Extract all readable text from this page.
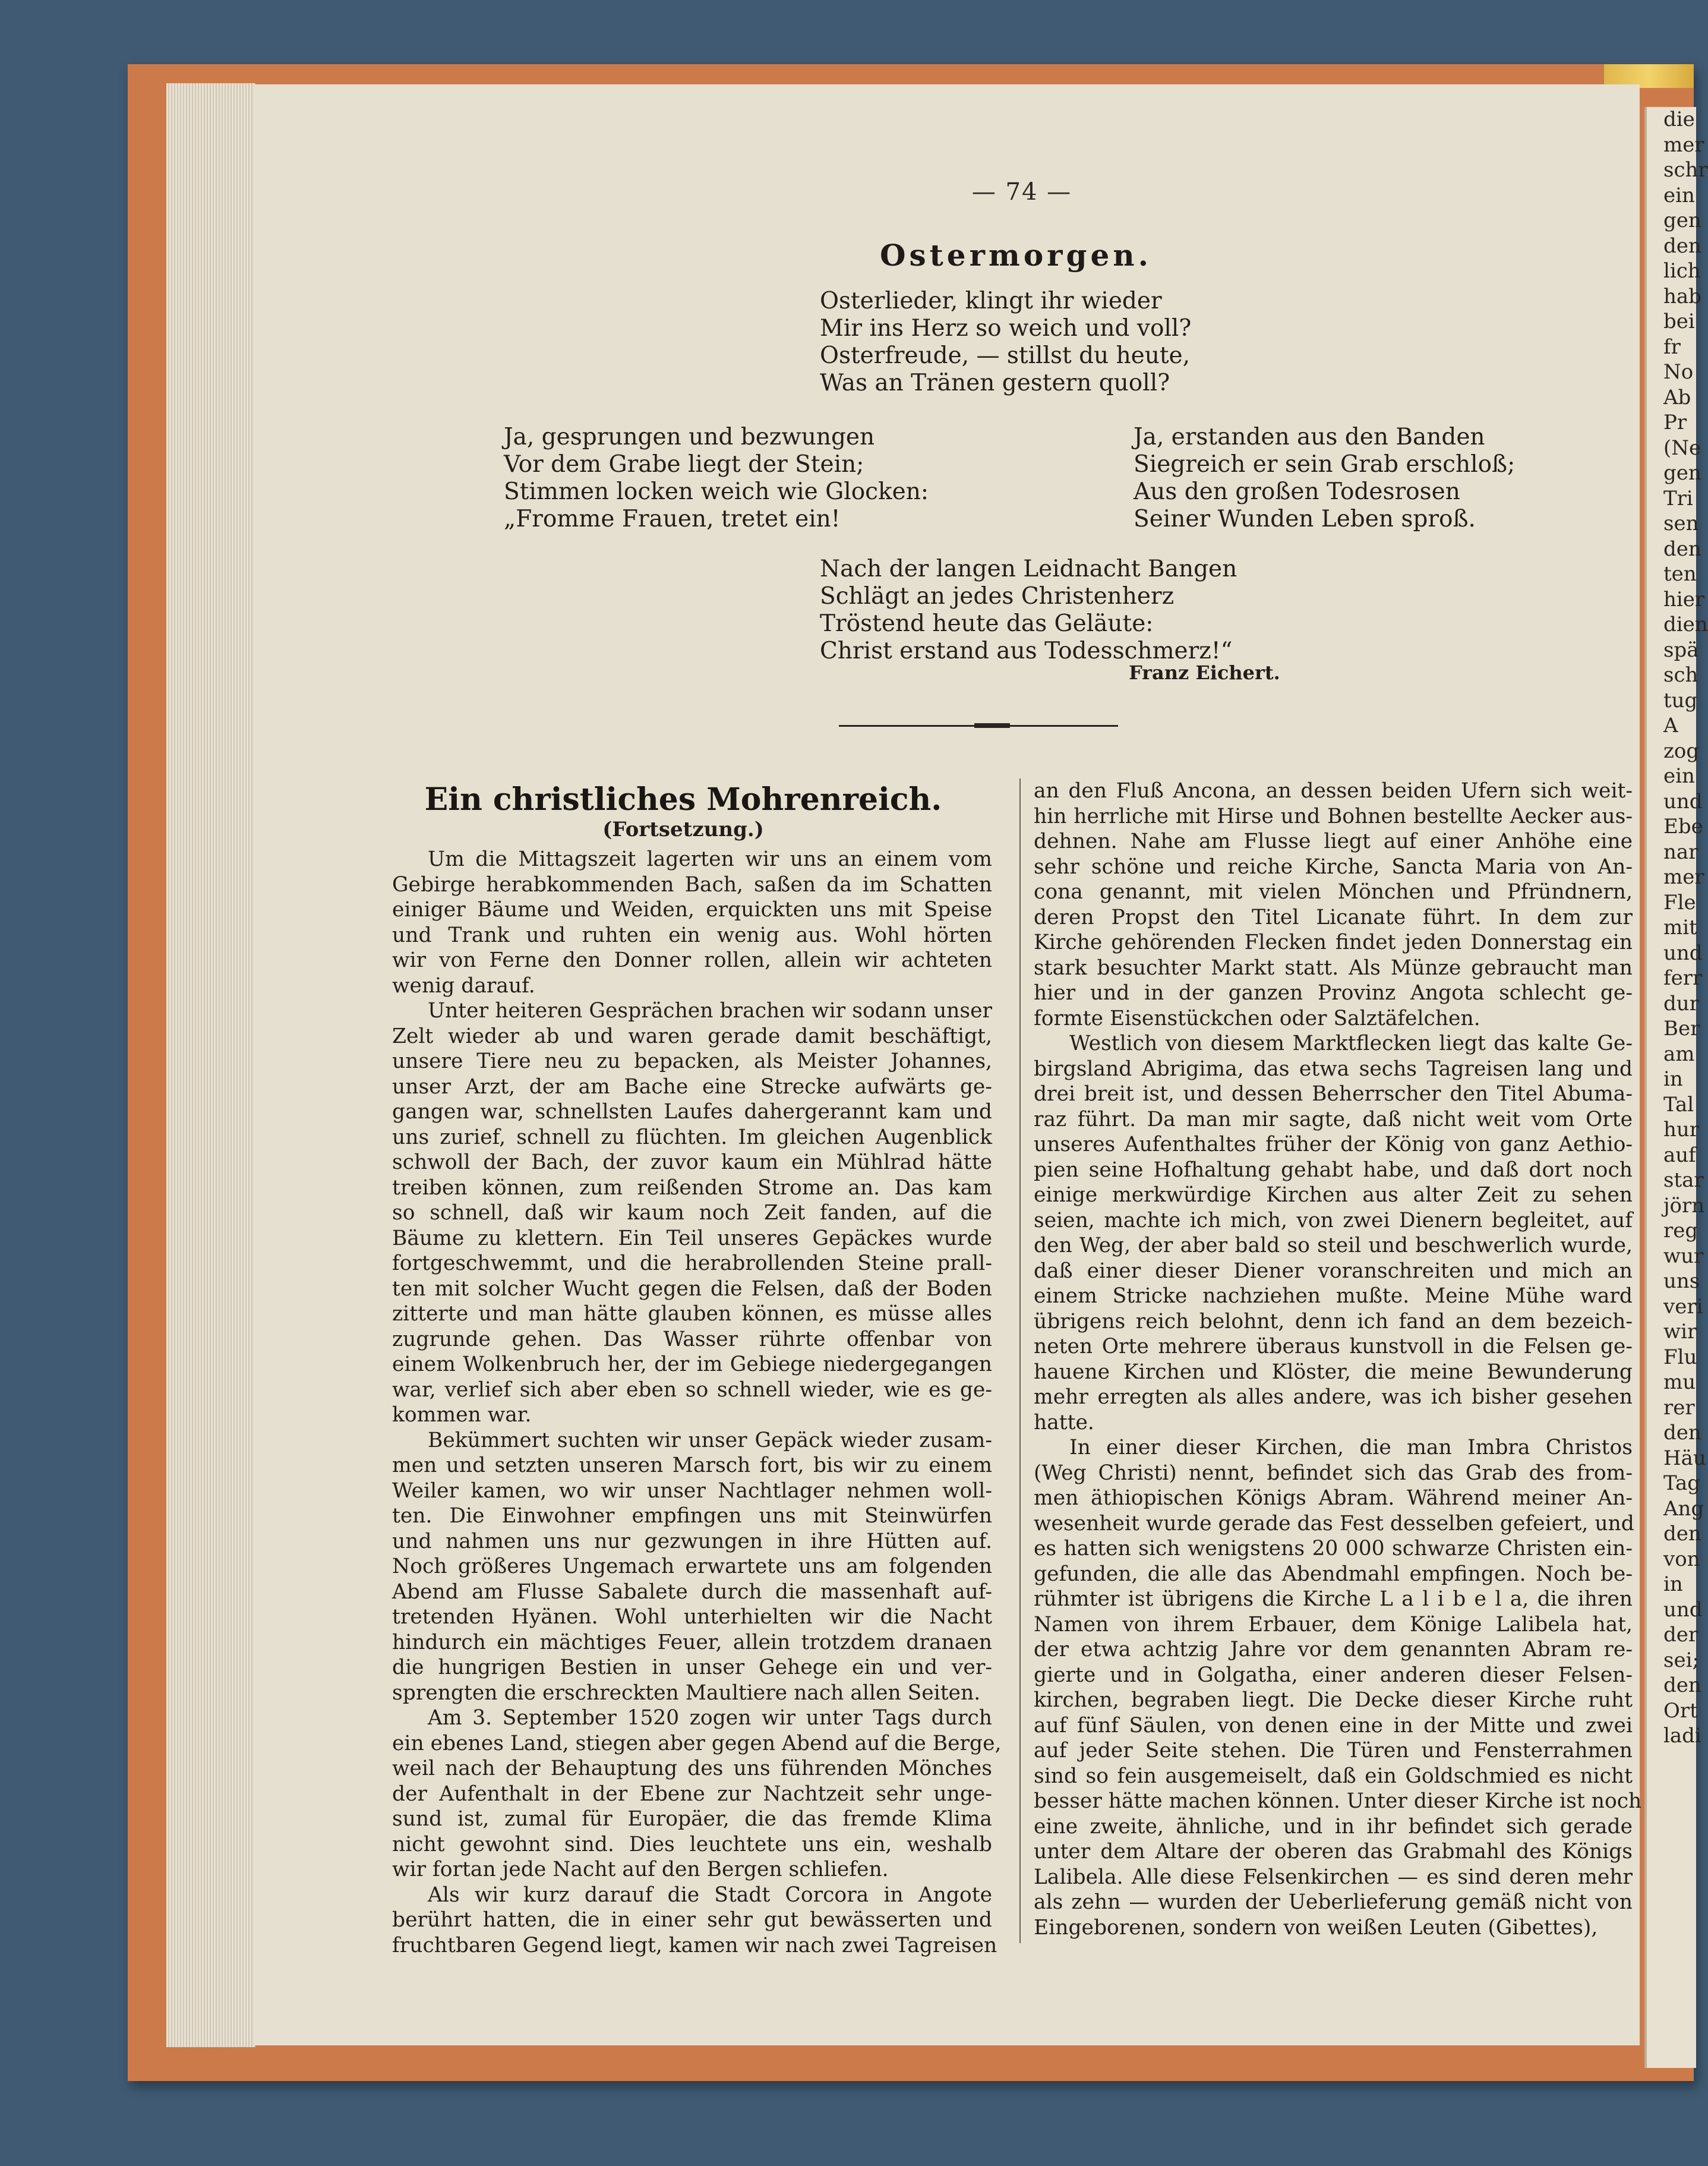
die
mer
schr
ein
gen
den
lich
hab
bei
fr
No
Ab
Pr
(Ne
gen
Tri
sen
den
ten
hier
dien
spä
sch
tug
A
zog
ein
und
Ebe
nar
mer
Fle
mit
und
ferr
dur
Ber
am
in
Tal
hur
auf
star
jörn
reg
wur
uns
veri
wir
Flu
mu
rer
den
Häu
Tag
Ang
den
von
in
und
der
sei;
den
Ort
ladi
— 74 —
Ostermorgen.
Osterlieder, klingt ihr wieder
Mir ins Herz so weich und voll?
Osterfreude, — stillst du heute,
Was an Tränen gestern quoll?
Ja, gesprungen und bezwungen
Vor dem Grabe liegt der Stein;
Stimmen locken weich wie Glocken:
„Fromme Frauen, tretet ein!
Ja, erstanden aus den Banden
Siegreich er sein Grab erschloß;
Aus den großen Todesrosen
Seiner Wunden Leben sproß.
Nach der langen Leidnacht Bangen
Schlägt an jedes Christenherz
Tröstend heute das Geläute:
Christ erstand aus Todesschmerz!“
Franz Eichert.
Ein christliches Mohrenreich.
(Fortsetzung.)
Um die Mittagszeit lagerten wir uns an einem vom
Gebirge herabkommenden Bach, saßen da im Schatten
einiger Bäume und Weiden, erquickten uns mit Speise
und Trank und ruhten ein wenig aus. Wohl hörten
wir von Ferne den Donner rollen, allein wir achteten
wenig darauf.
Unter heiteren Gesprächen brachen wir sodann unser
Zelt wieder ab und waren gerade damit beschäftigt,
unsere Tiere neu zu bepacken, als Meister Johannes,
unser Arzt, der am Bache eine Strecke aufwärts ge-
gangen war, schnellsten Laufes dahergerannt kam und
uns zurief, schnell zu flüchten. Im gleichen Augenblick
schwoll der Bach, der zuvor kaum ein Mühlrad hätte
treiben können, zum reißenden Strome an. Das kam
so schnell, daß wir kaum noch Zeit fanden, auf die
Bäume zu klettern. Ein Teil unseres Gepäckes wurde
fortgeschwemmt, und die herabrollenden Steine prall-
ten mit solcher Wucht gegen die Felsen, daß der Boden
zitterte und man hätte glauben können, es müsse alles
zugrunde gehen. Das Wasser rührte offenbar von
einem Wolkenbruch her, der im Gebiege niedergegangen
war, verlief sich aber eben so schnell wieder, wie es ge-
kommen war.
Bekümmert suchten wir unser Gepäck wieder zusam-
men und setzten unseren Marsch fort, bis wir zu einem
Weiler kamen, wo wir unser Nachtlager nehmen woll-
ten. Die Einwohner empfingen uns mit Steinwürfen
und nahmen uns nur gezwungen in ihre Hütten auf.
Noch größeres Ungemach erwartete uns am folgenden
Abend am Flusse Sabalete durch die massenhaft auf-
tretenden Hyänen. Wohl unterhielten wir die Nacht
hindurch ein mächtiges Feuer, allein trotzdem dranaen
die hungrigen Bestien in unser Gehege ein und ver-
sprengten die erschreckten Maultiere nach allen Seiten.
Am 3. September 1520 zogen wir unter Tags durch
ein ebenes Land, stiegen aber gegen Abend auf die Berge,
weil nach der Behauptung des uns führenden Mönches
der Aufenthalt in der Ebene zur Nachtzeit sehr unge-
sund ist, zumal für Europäer, die das fremde Klima
nicht gewohnt sind. Dies leuchtete uns ein, weshalb
wir fortan jede Nacht auf den Bergen schliefen.
Als wir kurz darauf die Stadt Corcora in Angote
berührt hatten, die in einer sehr gut bewässerten und
fruchtbaren Gegend liegt, kamen wir nach zwei Tagreisen
an den Fluß Ancona, an dessen beiden Ufern sich weit-
hin herrliche mit Hirse und Bohnen bestellte Aecker aus-
dehnen. Nahe am Flusse liegt auf einer Anhöhe eine
sehr schöne und reiche Kirche, Sancta Maria von An-
cona genannt, mit vielen Mönchen und Pfründnern,
deren Propst den Titel Licanate führt. In dem zur
Kirche gehörenden Flecken findet jeden Donnerstag ein
stark besuchter Markt statt. Als Münze gebraucht man
hier und in der ganzen Provinz Angota schlecht ge-
formte Eisenstückchen oder Salztäfelchen.
Westlich von diesem Marktflecken liegt das kalte Ge-
birgsland Abrigima, das etwa sechs Tagreisen lang und
drei breit ist, und dessen Beherrscher den Titel Abuma-
raz führt. Da man mir sagte, daß nicht weit vom Orte
unseres Aufenthaltes früher der König von ganz Aethio-
pien seine Hofhaltung gehabt habe, und daß dort noch
einige merkwürdige Kirchen aus alter Zeit zu sehen
seien, machte ich mich, von zwei Dienern begleitet, auf
den Weg, der aber bald so steil und beschwerlich wurde,
daß einer dieser Diener voranschreiten und mich an
einem Stricke nachziehen mußte. Meine Mühe ward
übrigens reich belohnt, denn ich fand an dem bezeich-
neten Orte mehrere überaus kunstvoll in die Felsen ge-
hauene Kirchen und Klöster, die meine Bewunderung
mehr erregten als alles andere, was ich bisher gesehen
hatte.
In einer dieser Kirchen, die man Imbra Christos
(Weg Christi) nennt, befindet sich das Grab des from-
men äthiopischen Königs Abram. Während meiner An-
wesenheit wurde gerade das Fest desselben gefeiert, und
es hatten sich wenigstens 20 000 schwarze Christen ein-
gefunden, die alle das Abendmahl empfingen. Noch be-
rühmter ist übrigens die Kirche L a l i b e l a, die ihren
Namen von ihrem Erbauer, dem Könige Lalibela hat,
der etwa achtzig Jahre vor dem genannten Abram re-
gierte und in Golgatha, einer anderen dieser Felsen-
kirchen, begraben liegt. Die Decke dieser Kirche ruht
auf fünf Säulen, von denen eine in der Mitte und zwei
auf jeder Seite stehen. Die Türen und Fensterrahmen
sind so fein ausgemeiselt, daß ein Goldschmied es nicht
besser hätte machen können. Unter dieser Kirche ist noch
eine zweite, ähnliche, und in ihr befindet sich gerade
unter dem Altare der oberen das Grabmahl des Königs
Lalibela. Alle diese Felsenkirchen — es sind deren mehr
als zehn — wurden der Ueberlieferung gemäß nicht von
Eingeborenen, sondern von weißen Leuten (Gibettes),
